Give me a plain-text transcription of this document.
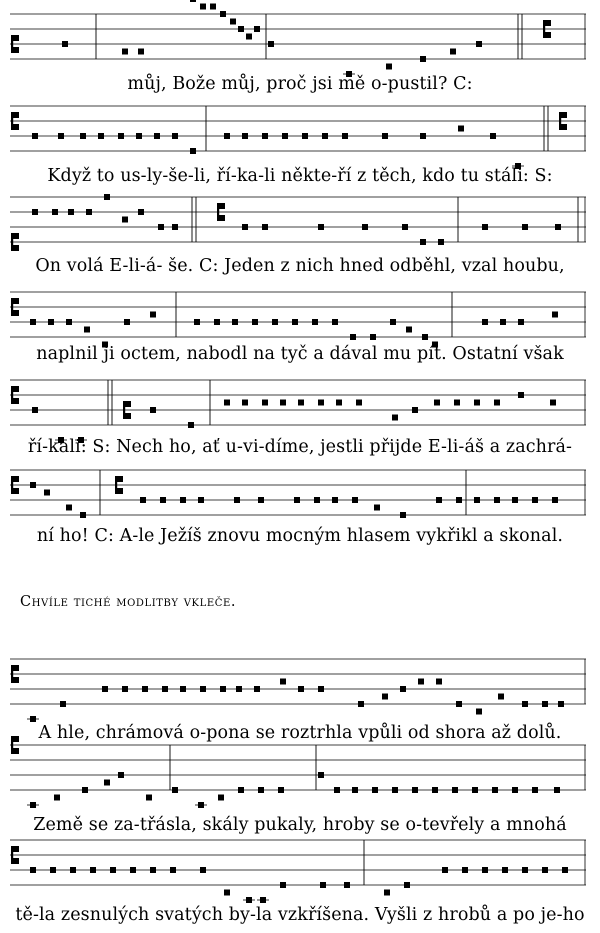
můj, Bože můj, proč jsi mě o-pustil? C:
Když to us-ly-še-li, ří-ka-li někte-ří z těch, kdo tu stáli: S:
On volá E-li-á- še. C: Jeden z nich hned odběhl, vzal houbu,
naplnil ji octem, nabodl na tyč a dával mu pít. Ostatní však
ří-kali: S: Nech ho, ať u-vi-díme, jestli přijde E-li-áš a zachrá-
ní ho! C: A-le Ježíš znovu mocným hlasem vykřikl a skonal.
A hle, chrámová o-pona se roztrhla vpůli od shora až dolů.
Země se za-třásla, skály pukaly, hroby se o-tevřely a mnohá
tě-la zesnulých svatých by-la vzkříšena. Vyšli z hrobů a po je-ho
Chvíle tiché modlitby vkleče.
